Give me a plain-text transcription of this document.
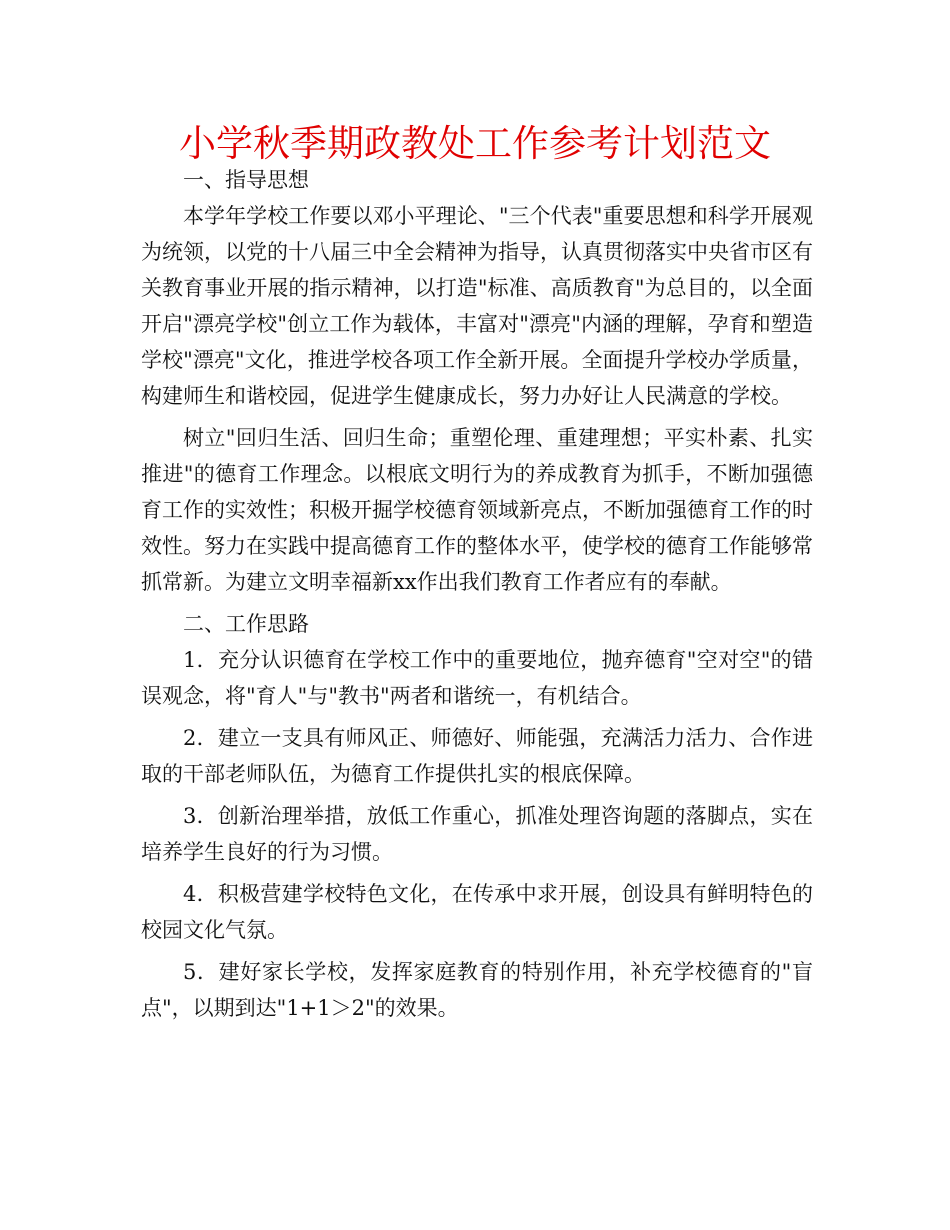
小学秋季期政教处工作参考计划范文

一、指导思想

本学年学校工作要以邓小平理论、"三个代表"重要思想和科学开展观为统领，以党的十八届三中全会精神为指导，认真贯彻落实中央省市区有关教育事业开展的指示精神，以打造"标准、高质教育"为总目的，以全面开启"漂亮学校"创立工作为载体，丰富对"漂亮"内涵的理解，孕育和塑造学校"漂亮"文化，推进学校各项工作全新开展。全面提升学校办学质量，构建师生和谐校园，促进学生健康成长，努力办好让人民满意的学校。

树立"回归生活、回归生命；重塑伦理、重建理想；平实朴素、扎实推进"的德育工作理念。以根底文明行为的养成教育为抓手，不断加强德育工作的实效性；积极开掘学校德育领域新亮点，不断加强德育工作的时效性。努力在实践中提高德育工作的整体水平，使学校的德育工作能够常抓常新。为建立文明幸福新xx作出我们教育工作者应有的奉献。

二、工作思路

1．充分认识德育在学校工作中的重要地位，抛弃德育"空对空"的错误观念，将"育人"与"教书"两者和谐统一，有机结合。

2．建立一支具有师风正、师德好、师能强，充满活力活力、合作进取的干部老师队伍，为德育工作提供扎实的根底保障。

3．创新治理举措，放低工作重心，抓准处理咨询题的落脚点，实在培养学生良好的行为习惯。

4．积极营建学校特色文化，在传承中求开展，创设具有鲜明特色的校园文化气氛。

5．建好家长学校，发挥家庭教育的特别作用，补充学校德育的"盲点"，以期到达"1+1＞2"的效果。
